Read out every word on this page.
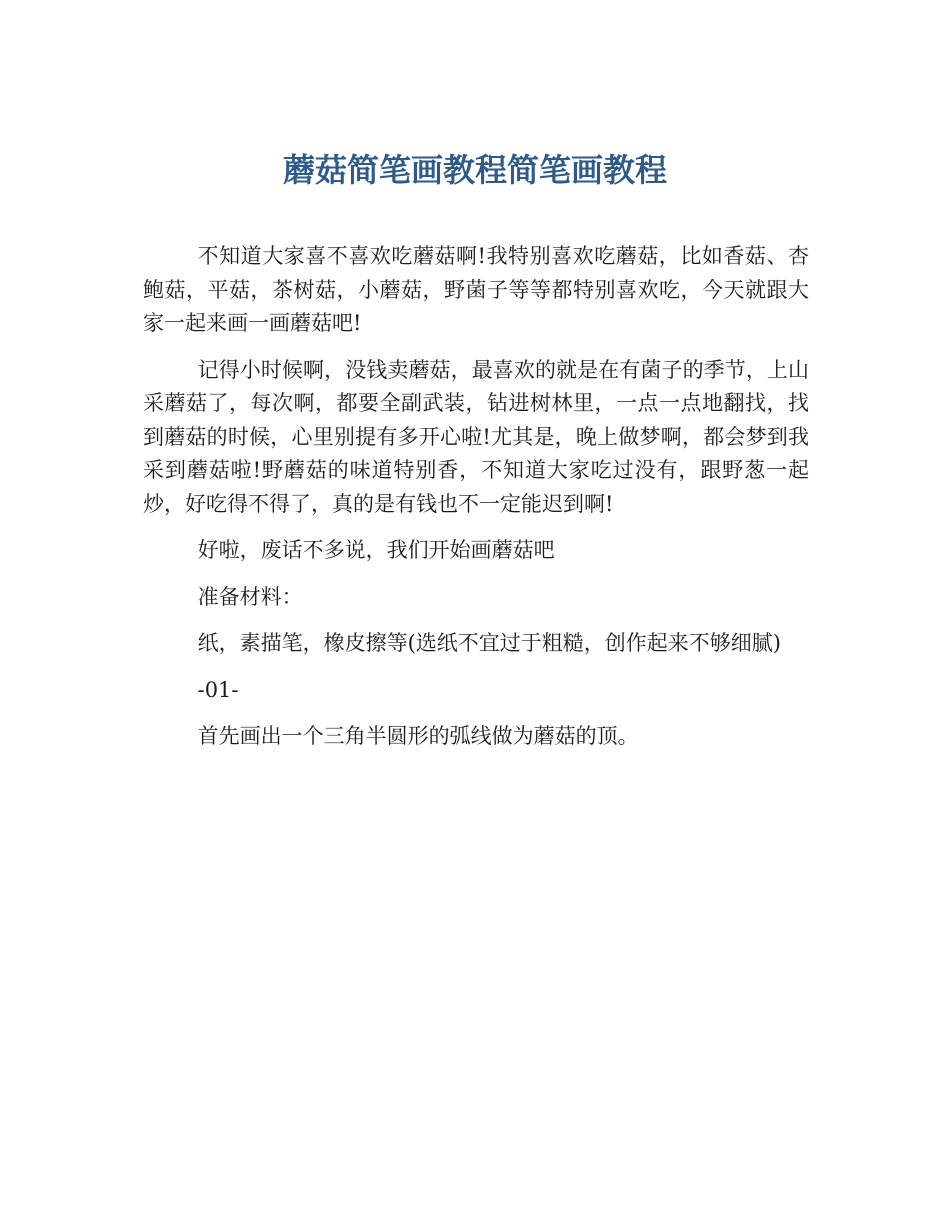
蘑菇简笔画教程简笔画教程

不知道大家喜不喜欢吃蘑菇啊!我特别喜欢吃蘑菇，比如香菇、杏鲍菇，平菇，茶树菇，小蘑菇，野菌子等等都特别喜欢吃，今天就跟大家一起来画一画蘑菇吧!

记得小时候啊，没钱卖蘑菇，最喜欢的就是在有菌子的季节，上山采蘑菇了，每次啊，都要全副武装，钻进树林里，一点一点地翻找，找到蘑菇的时候，心里别提有多开心啦!尤其是，晚上做梦啊，都会梦到我采到蘑菇啦!野蘑菇的味道特别香，不知道大家吃过没有，跟野葱一起炒，好吃得不得了，真的是有钱也不一定能迟到啊!

好啦，废话不多说，我们开始画蘑菇吧

准备材料：

纸，素描笔，橡皮擦等(选纸不宜过于粗糙，创作起来不够细腻)

-01-

首先画出一个三角半圆形的弧线做为蘑菇的顶。
